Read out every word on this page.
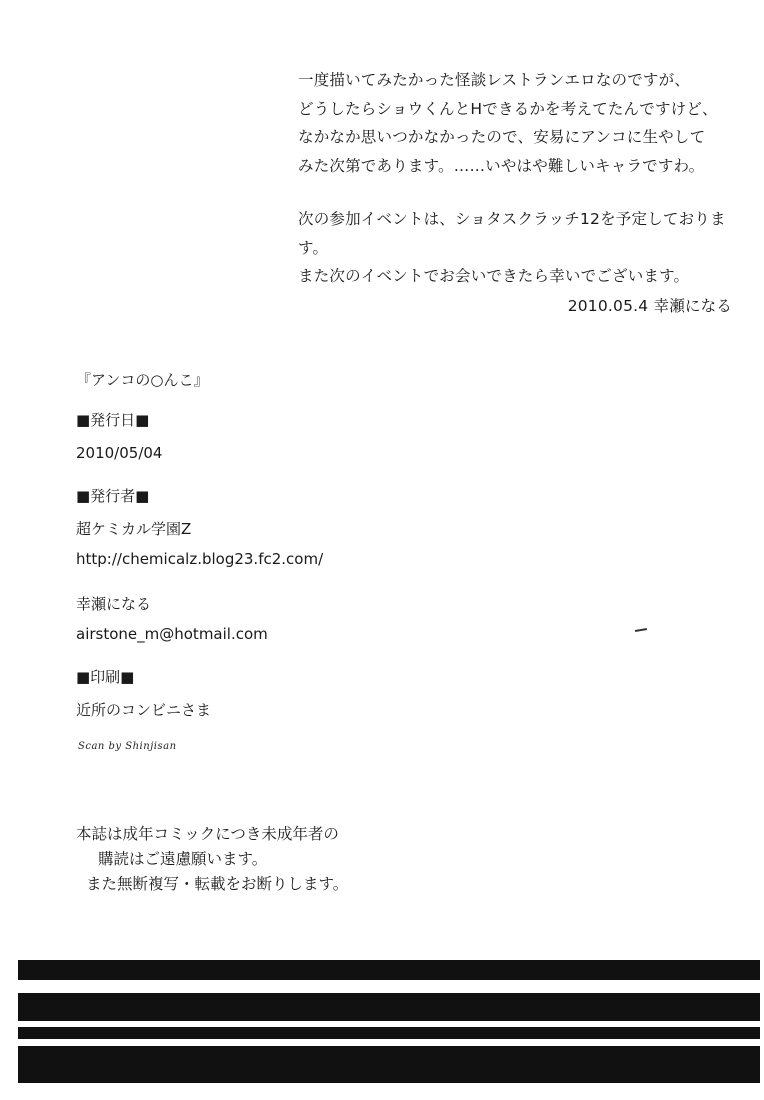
一度描いてみたかった怪談レストランエロなのですが、
どうしたらショウくんとHできるかを考えてたんですけど、
なかなか思いつかなかったので、安易にアンコに生やして
みた次第であります。……いやはや難しいキャラですわ。
次の参加イベントは、ショタスクラッチ12を予定しております。
また次のイベントでお会いできたら幸いでございます。
2010.05.4 幸瀬になる
『アンコの○んこ』
■発行日■
2010/05/04
■発行者■
超ケミカル学園Z
http://chemicalz.blog23.fc2.com/
幸瀬になる
airstone_m@hotmail.com
■印刷■
近所のコンビニさま
Scan by Shinjisan
本誌は成年コミックにつき未成年者の
購読はご遠慮願います。
また無断複写・転載をお断りします。
